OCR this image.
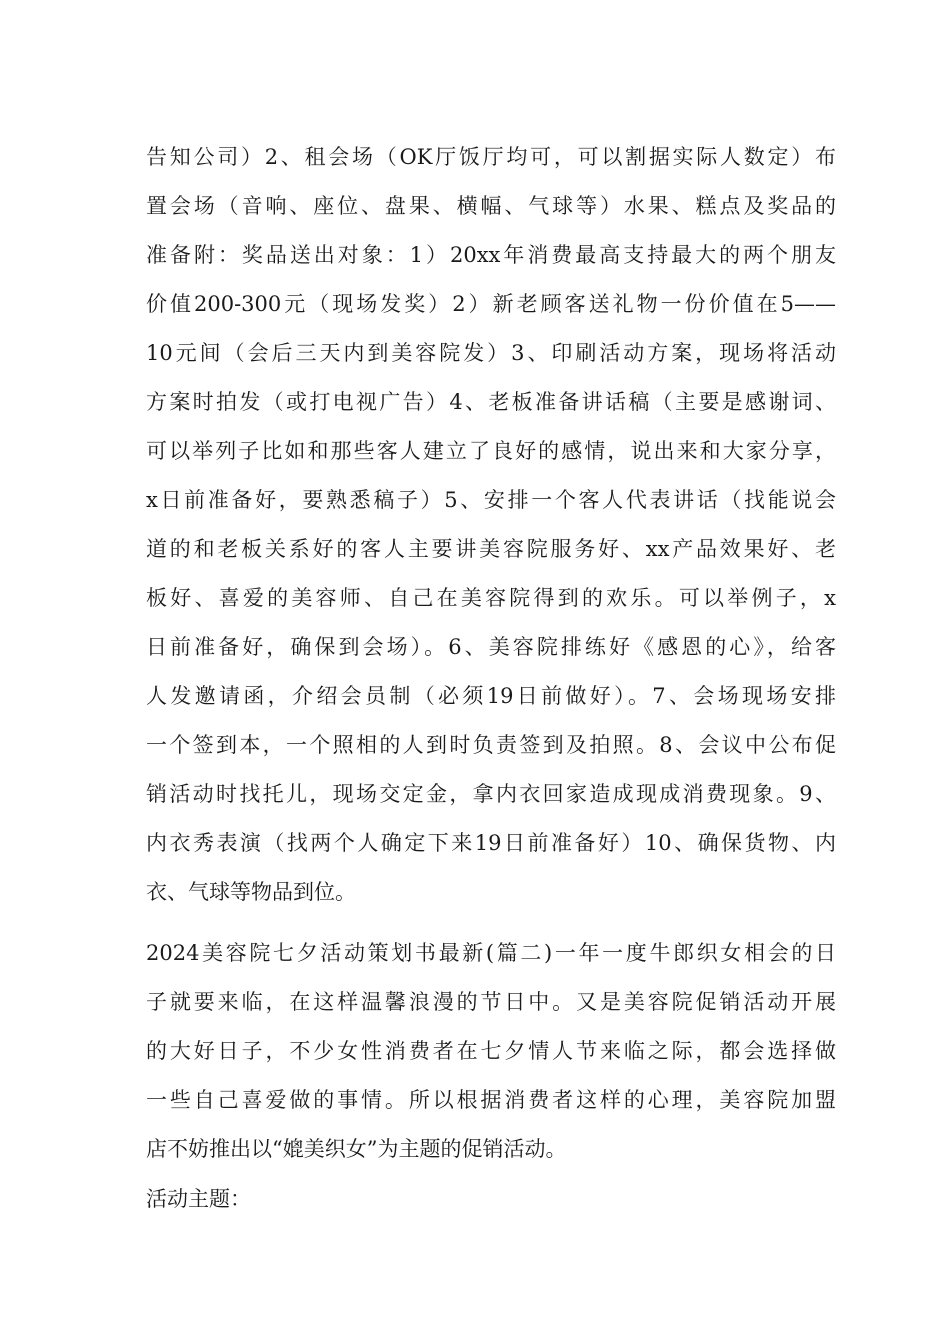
告知公司）2、租会场（OK厅饭厅均可，可以割据实际人数定）布
置会场（音响、座位、盘果、横幅、气球等）水果、糕点及奖品的
准备附：奖品送出对象：1）20xx年消费最高支持最大的两个朋友
价值200-300元（现场发奖）2）新老顾客送礼物一份价值在5——
10元间（会后三天内到美容院发）3、印刷活动方案，现场将活动
方案时拍发（或打电视广告）4、老板准备讲话稿（主要是感谢词、
可以举列子比如和那些客人建立了良好的感情，说出来和大家分享，
x日前准备好，要熟悉稿子）5、安排一个客人代表讲话（找能说会
道的和老板关系好的客人主要讲美容院服务好、xx产品效果好、老
板好、喜爱的美容师、自己在美容院得到的欢乐。可以举例子，x
日前准备好，确保到会场）。6、美容院排练好《感恩的心》，给客
人发邀请函，介绍会员制（必须19日前做好）。7、会场现场安排
一个签到本，一个照相的人到时负责签到及拍照。8、会议中公布促
销活动时找托儿，现场交定金，拿内衣回家造成现成消费现象。9、
内衣秀表演（找两个人确定下来19日前准备好）10、确保货物、内
衣、气球等物品到位。
2024美容院七夕活动策划书最新(篇二)一年一度牛郎织女相会的日
子就要来临，在这样温馨浪漫的节日中。又是美容院促销活动开展
的大好日子，不少女性消费者在七夕情人节来临之际，都会选择做
一些自己喜爱做的事情。所以根据消费者这样的心理，美容院加盟
店不妨推出以“媲美织女”为主题的促销活动。
活动主题：
